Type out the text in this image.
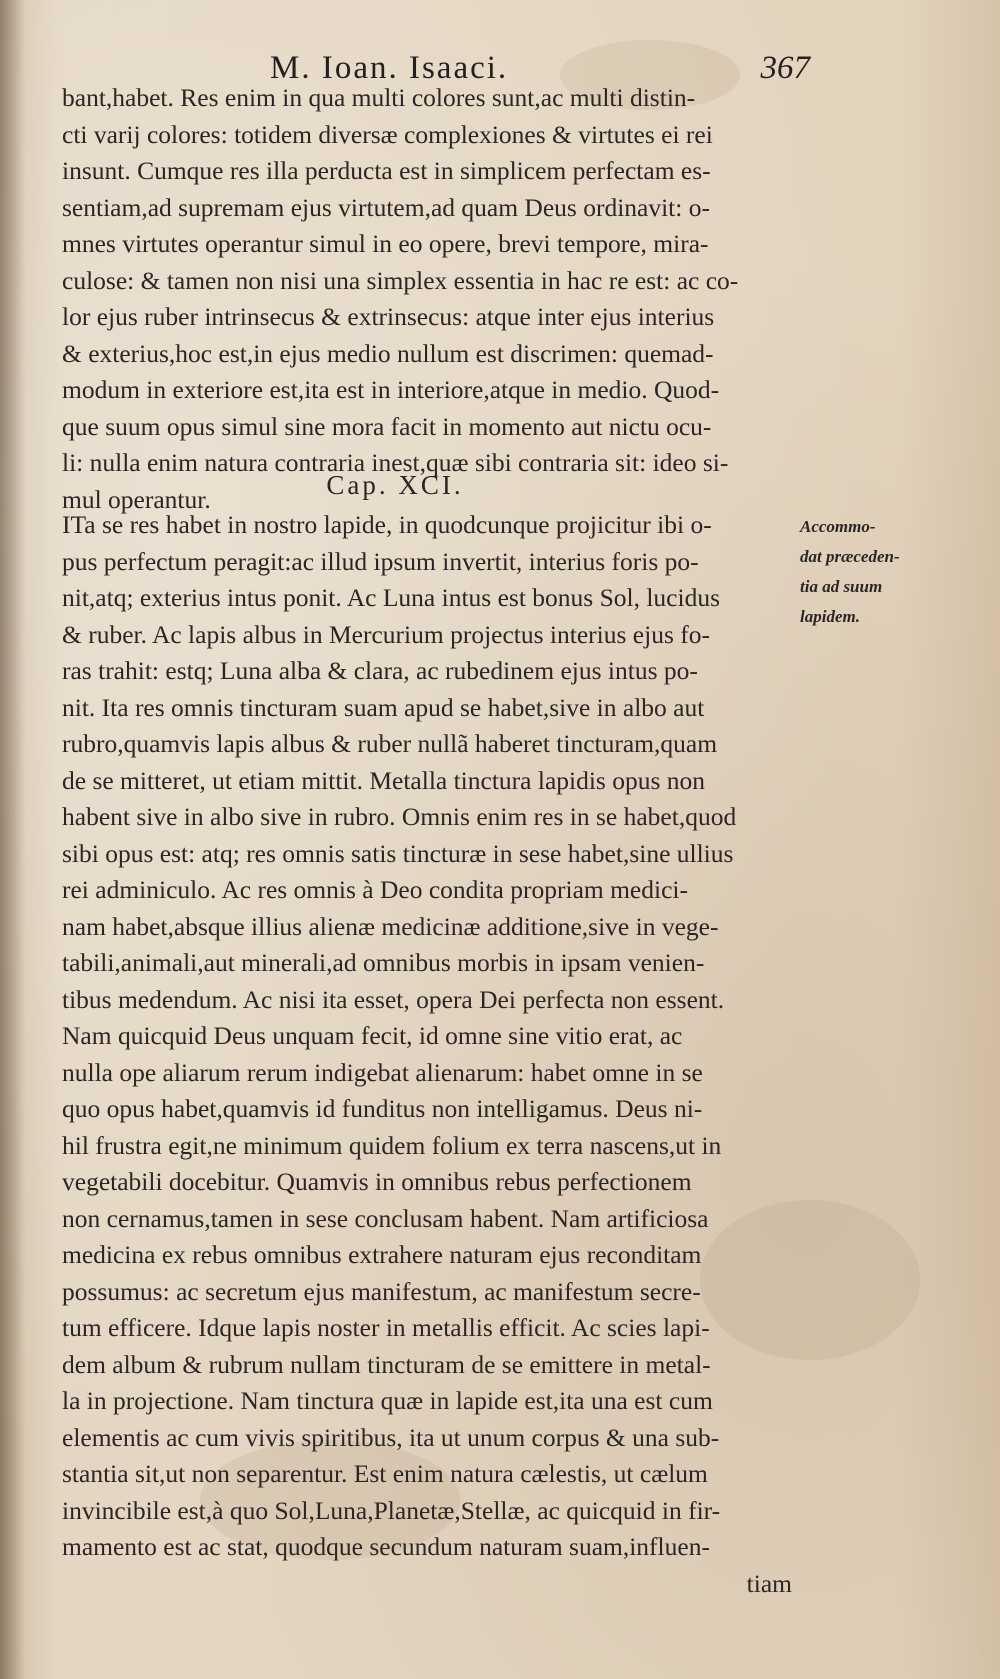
M. Ioan. Isaaci.	367
bant,habet. Res enim in qua multi colores sunt,ac multi distin-
cti varij colores: totidem diversæ complexiones & virtutes ei rei
insunt. Cumque res illa perducta est in simplicem perfectam es-
sentiam,ad supremam ejus virtutem,ad quam Deus ordinavit: o-
mnes virtutes operantur simul in eo opere, brevi tempore, mira-
culose: & tamen non nisi una simplex essentia in hac re est: ac co-
lor ejus ruber intrinsecus & extrinsecus: atque inter ejus interius
& exterius,hoc est,in ejus medio nullum est discrimen: quemad-
modum in exteriore est,ita est in interiore,atque in medio. Quod-
que suum opus simul sine mora facit in momento aut nictu ocu-
li: nulla enim natura contraria inest,quæ sibi contraria sit: ideo si-
mul operantur.	Cap. XCI.
ITa se res habet in nostro lapide, in quodcunque projicitur ibi o-
pus perfectum peragit:ac illud ipsum invertit, interius foris po-
nit,atq; exterius intus ponit. Ac Luna intus est bonus Sol, lucidus
& ruber. Ac lapis albus in Mercurium projectus interius ejus fo-
ras trahit: estq; Luna alba & clara, ac rubedinem ejus intus po-
nit. Ita res omnis tincturam suam apud se habet,sive in albo aut
rubro,quamvis lapis albus & ruber nullã haberet tincturam,quam
de se mitteret, ut etiam mittit. Metalla tinctura lapidis opus non
habent sive in albo sive in rubro. Omnis enim res in se habet,quod
sibi opus est: atq; res omnis satis tincturæ in sese habet,sine ullius
rei adminiculo. Ac res omnis à Deo condita propriam medici-
nam habet,absque illius alienæ medicinæ additione,sive in vege-
tabili,animali,aut minerali,ad omnibus morbis in ipsam venien-
tibus medendum. Ac nisi ita esset, opera Dei perfecta non essent.
Nam quicquid Deus unquam fecit, id omne sine vitio erat, ac
nulla ope aliarum rerum indigebat alienarum: habet omne in se
quo opus habet,quamvis id funditus non intelligamus. Deus ni-
hil frustra egit,ne minimum quidem folium ex terra nascens,ut in
vegetabili docebitur. Quamvis in omnibus rebus perfectionem
non cernamus,tamen in sese conclusam habent. Nam artificiosa
medicina ex rebus omnibus extrahere naturam ejus reconditam
possumus: ac secretum ejus manifestum, ac manifestum secre-
tum efficere. Idque lapis noster in metallis efficit. Ac scies lapi-
dem album & rubrum nullam tincturam de se emittere in metal-
la in projectione. Nam tinctura quæ in lapide est,ita una est cum
elementis ac cum vivis spiritibus, ita ut unum corpus & una sub-
stantia sit,ut non separentur. Est enim natura cælestis, ut cælum
invincibile est,à quo Sol,Luna,Planetæ,Stellæ, ac quicquid in fir-
mamento est ac stat, quodque secundum naturam suam,influen-
tiam
Accommo-
dat præceden-
tia ad suum
lapidem.
